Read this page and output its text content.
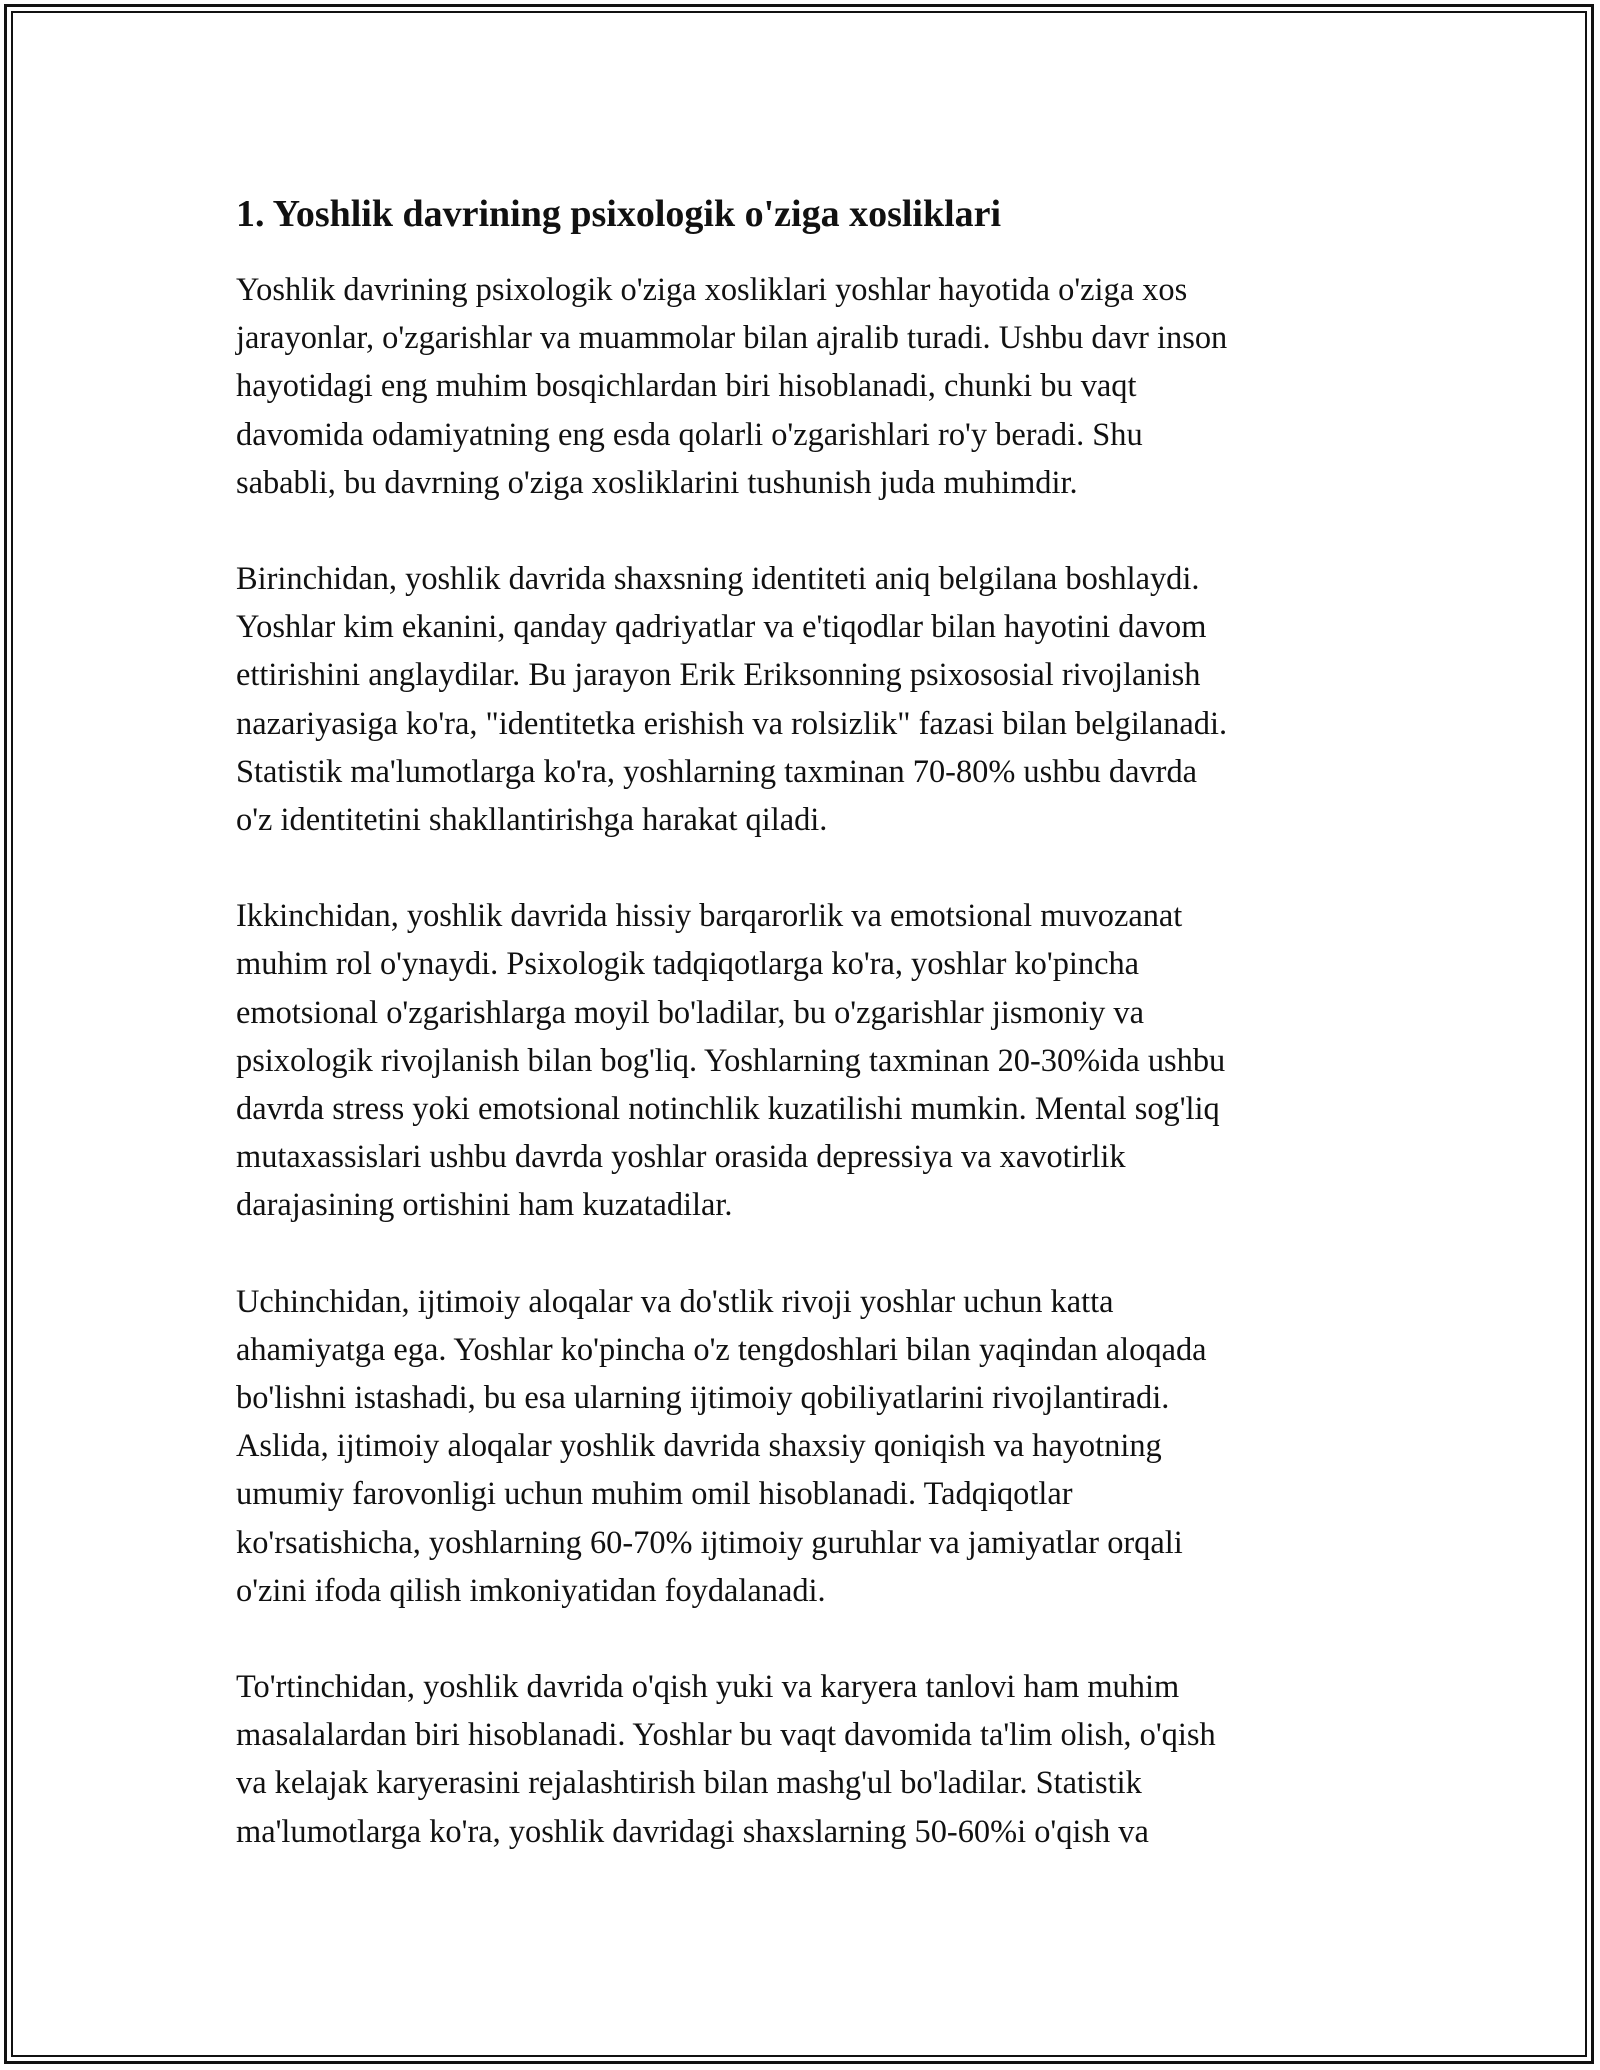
1. Yoshlik davrining psixologik o'ziga xosliklari

Yoshlik davrining psixologik o'ziga xosliklari yoshlar hayotida o'ziga xos
jarayonlar, o'zgarishlar va muammolar bilan ajralib turadi. Ushbu davr inson
hayotidagi eng muhim bosqichlardan biri hisoblanadi, chunki bu vaqt
davomida odamiyatning eng esda qolarli o'zgarishlari ro'y beradi. Shu
sababli, bu davrning o'ziga xosliklarini tushunish juda muhimdir.

Birinchidan, yoshlik davrida shaxsning identiteti aniq belgilana boshlaydi.
Yoshlar kim ekanini, qanday qadriyatlar va e'tiqodlar bilan hayotini davom
ettirishini anglaydilar. Bu jarayon Erik Eriksonning psixososial rivojlanish
nazariyasiga ko'ra, "identitetka erishish va rolsizlik" fazasi bilan belgilanadi.
Statistik ma'lumotlarga ko'ra, yoshlarning taxminan 70-80% ushbu davrda
o'z identitetini shakllantirishga harakat qiladi.

Ikkinchidan, yoshlik davrida hissiy barqarorlik va emotsional muvozanat
muhim rol o'ynaydi. Psixologik tadqiqotlarga ko'ra, yoshlar ko'pincha
emotsional o'zgarishlarga moyil bo'ladilar, bu o'zgarishlar jismoniy va
psixologik rivojlanish bilan bog'liq. Yoshlarning taxminan 20-30%ida ushbu
davrda stress yoki emotsional notinchlik kuzatilishi mumkin. Mental sog'liq
mutaxassislari ushbu davrda yoshlar orasida depressiya va xavotirlik
darajasining ortishini ham kuzatadilar.

Uchinchidan, ijtimoiy aloqalar va do'stlik rivoji yoshlar uchun katta
ahamiyatga ega. Yoshlar ko'pincha o'z tengdoshlari bilan yaqindan aloqada
bo'lishni istashadi, bu esa ularning ijtimoiy qobiliyatlarini rivojlantiradi.
Aslida, ijtimoiy aloqalar yoshlik davrida shaxsiy qoniqish va hayotning
umumiy farovonligi uchun muhim omil hisoblanadi. Tadqiqotlar
ko'rsatishicha, yoshlarning 60-70% ijtimoiy guruhlar va jamiyatlar orqali
o'zini ifoda qilish imkoniyatidan foydalanadi.

To'rtinchidan, yoshlik davrida o'qish yuki va karyera tanlovi ham muhim
masalalardan biri hisoblanadi. Yoshlar bu vaqt davomida ta'lim olish, o'qish
va kelajak karyerasini rejalashtirish bilan mashg'ul bo'ladilar. Statistik
ma'lumotlarga ko'ra, yoshlik davridagi shaxslarning 50-60%i o'qish va
